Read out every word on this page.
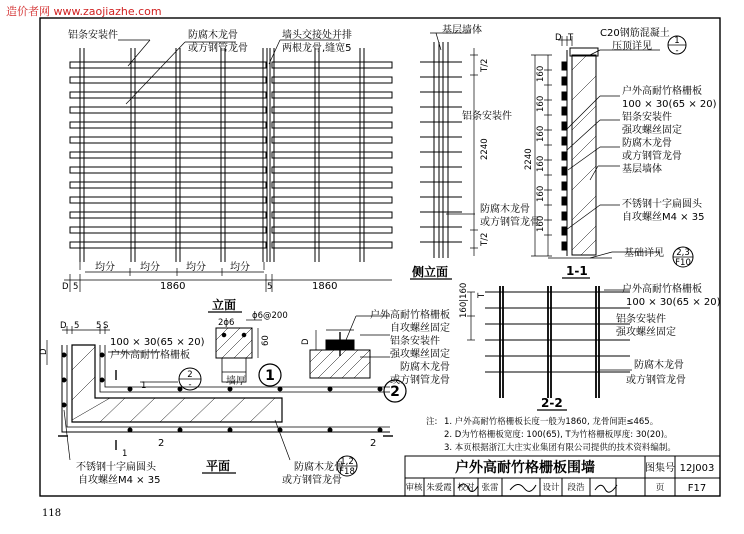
造价者网 www.zaojiazhe.com
118
铝条安装件	防腐木龙骨
或方钢管龙骨
墙头交接处并排
两根龙骨,缝宽5
均分	均分	均分 均分
D 5	1860	5	1860
立面
基层墙体
铝条安装件
防腐木龙骨
或方钢管龙骨
T/2
2240
T/2
侧立面
D T
2240
160
160
160
160
160
160
C20钢筋混凝土
压顶详见	1
-
户外高耐竹格栅板
100 × 30(65 × 20)
铝条安装件
强攻螺丝固定
防腐木龙骨
或方钢管龙骨
基层墙体
不锈钢十字扁圆头
自攻螺丝M4 × 35
基础详见 2,3
F10
1-1
D 5 5 S
D
100 × 30(65 × 20)
户外高耐竹格栅板
1
1
2	2
2
-
不锈钢十字扁圆头
自攻螺丝M4 × 35
防腐木龙骨
或方钢管龙骨
1,2
F18
平面
2ϕ6
ϕ6@200
60
墙厚 1
D
户外高耐竹格栅板
自攻螺丝固定
铝条安装件
强攻螺丝固定
防腐木龙骨
或方钢管龙骨
2
160|160 T
户外高耐竹格栅板
100 × 30(65 × 20)
铝条安装件
强攻螺丝固定
防腐木龙骨
或方钢管龙骨
2-2
注: 1. 户外高耐竹格栅板长度一般为1860, 龙骨间距≤465。
2. D为竹格栅板宽度: 100(65), T为竹格栅板厚度: 30(20)。
3. 本页根据浙江大庄实业集团有限公司提供的技术资料编制。
户外高耐竹格栅板围墙	图集号 12J003
审核 朱爱霞 校对 张雷	设计 段浩	页 F17
